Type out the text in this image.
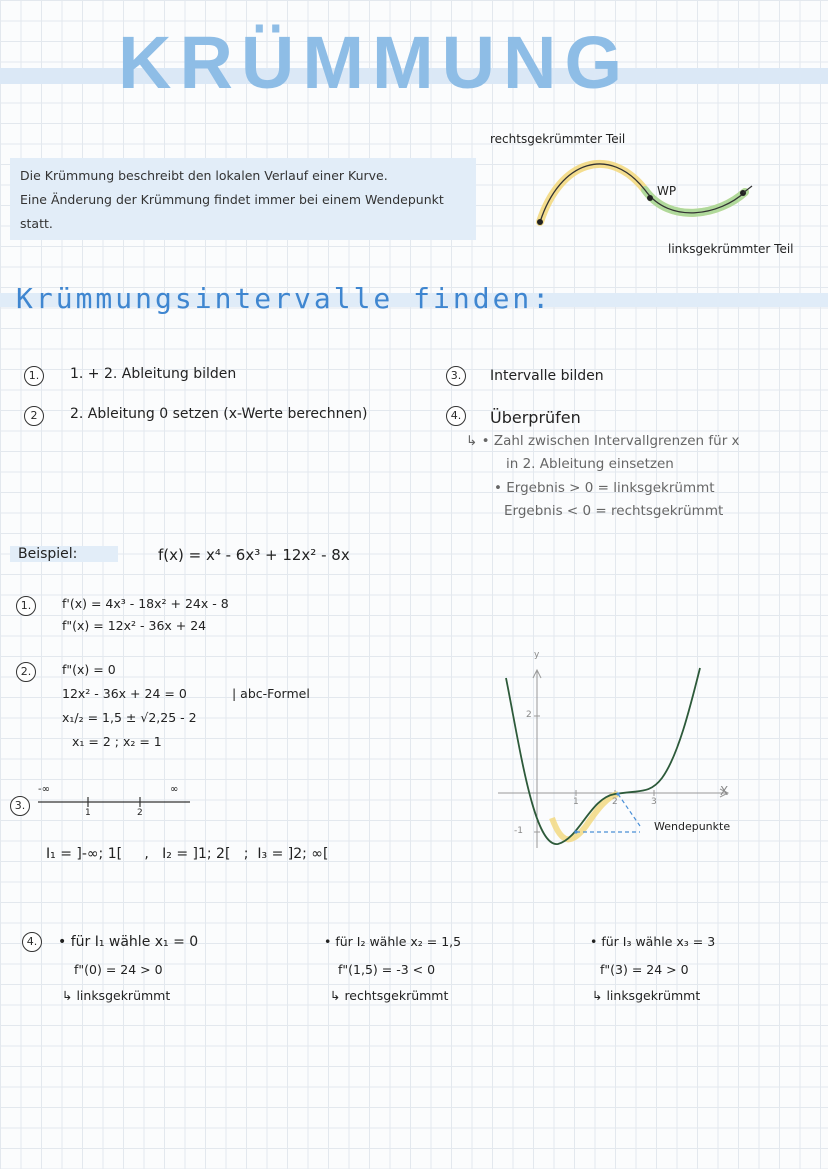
KRÜMMUNG
Die Krümmung beschreibt den lokalen Verlauf einer Kurve.
Eine Änderung der Krümmung findet immer bei einem Wendepunkt
statt.
rechtsgekrümmter Teil
WP
linksgekrümmter Teil
Krümmungsintervalle finden:
1.	1. + 2. Ableitung bilden
2	2. Ableitung 0 setzen (x-Werte berechnen)
3.	Intervalle bilden
4. Überprüfen
↳ • Zahl zwischen Intervallgrenzen für x
in 2. Ableitung einsetzen
• Ergebnis > 0 = linksgekrümmt
Ergebnis < 0 = rechtsgekrümmt
Beispiel:	f(x) = x⁴ - 6x³ + 12x² - 8x
1.	f'(x) = 4x³ - 18x² + 24x - 8
f"(x) = 12x² - 36x + 24
2.	f"(x) = 0
12x² - 36x + 24 = 0	| abc-Formel
x₁/₂ = 1,5 ± √2,25 - 2
x₁ = 2 ; x₂ = 1
3.
-∞	∞
1	2
I₁ = ]-∞; 1[     ,   I₂ = ]1; 2[   ;  I₃ = ]2; ∞[
4.	• für I₁ wähle x₁ = 0
f"(0) = 24 > 0
↳ linksgekrümmt
• für I₂ wähle x₂ = 1,5
f"(1,5) = -3 < 0
↳ rechtsgekrümmt
• für I₃ wähle x₃ = 3
f"(3) = 24 > 0
↳ linksgekrümmt
y
X
1	2	3
2
-1	Wendepunkte
